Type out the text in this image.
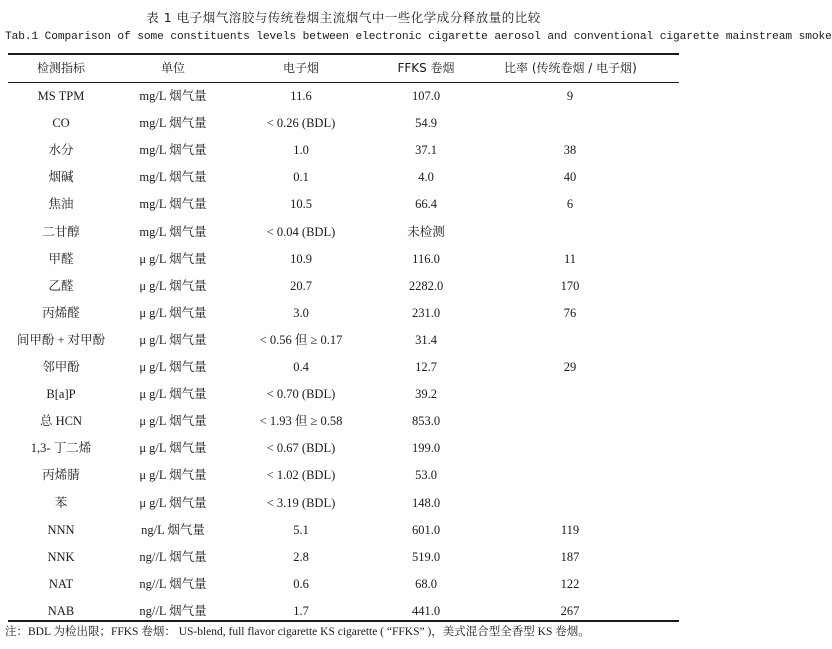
表 1 电子烟气溶胶与传统卷烟主流烟气中一些化学成分释放量的比较
Tab.1 Comparison of some constituents levels between electronic cigarette aerosol and conventional cigarette mainstream smoke
检测指标	单位	电子烟	FFKS 卷烟	比率 (传统卷烟 / 电子烟)
MS TPM	mg/L 烟气量	11.6	107.0	9
CO	mg/L 烟气量	< 0.26 (BDL)	54.9
水分	mg/L 烟气量	1.0	37.1	38
烟碱	mg/L 烟气量	0.1	4.0	40
焦油	mg/L 烟气量	10.5	66.4	6
二甘醇	mg/L 烟气量	< 0.04 (BDL)	未检测
甲醛	μ g/L 烟气量	10.9	116.0	11
乙醛	μ g/L 烟气量	20.7	2282.0	170
丙烯醛	μ g/L 烟气量	3.0	231.0	76
间甲酚 + 对甲酚	μ g/L 烟气量	< 0.56 但 ≥ 0.17	31.4
邻甲酚	μ g/L 烟气量	0.4	12.7	29
B[a]P	μ g/L 烟气量	< 0.70 (BDL)	39.2
总 HCN	μ g/L 烟气量	< 1.93 但 ≥ 0.58	853.0
1,3- 丁二烯	μ g/L 烟气量	< 0.67 (BDL)	199.0
丙烯腈	μ g/L 烟气量	< 1.02 (BDL)	53.0
苯	μ g/L 烟气量	< 3.19 (BDL)	148.0
NNN	ng/L 烟气量	5.1	601.0	119
NNK	ng//L 烟气量	2.8	519.0	187
NAT	ng//L 烟气量	0.6	68.0	122
NAB	ng//L 烟气量	1.7	441.0	267
注：BDL 为检出限；FFKS 卷烟： US-blend, full flavor cigarette KS cigarette ( “FFKS” )，美式混合型全香型 KS 卷烟。
